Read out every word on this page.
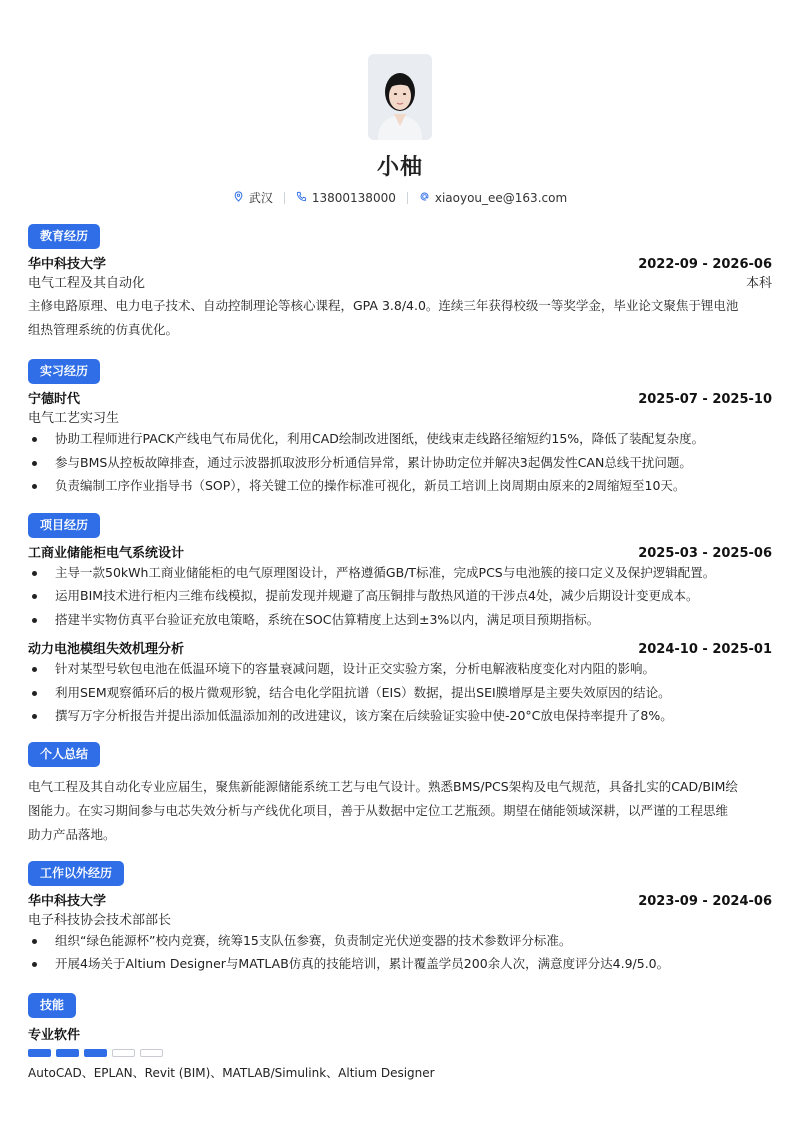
小柚
武汉	13800138000	xiaoyou_ee@163.com
教育经历
华中科技大学	2022-09 - 2026-06
电气工程及其自动化	本科
主修电路原理、电力电子技术、自动控制理论等核心课程，GPA 3.8/4.0。连续三年获得校级一等奖学金，毕业论文聚焦于锂电池
组热管理系统的仿真优化。
实习经历
宁德时代	2025-07 - 2025-10
电气工艺实习生
协助工程师进行PACK产线电气布局优化，利用CAD绘制改进图纸，使线束走线路径缩短约15%，降低了装配复杂度。
参与BMS从控板故障排查，通过示波器抓取波形分析通信异常，累计协助定位并解决3起偶发性CAN总线干扰问题。
负责编制工序作业指导书（SOP），将关键工位的操作标准可视化，新员工培训上岗周期由原来的2周缩短至10天。
项目经历
工商业储能柜电气系统设计	2025-03 - 2025-06
主导一款50kWh工商业储能柜的电气原理图设计，严格遵循GB/T标准，完成PCS与电池簇的接口定义及保护逻辑配置。
运用BIM技术进行柜内三维布线模拟，提前发现并规避了高压铜排与散热风道的干涉点4处，减少后期设计变更成本。
搭建半实物仿真平台验证充放电策略，系统在SOC估算精度上达到±3%以内，满足项目预期指标。
动力电池模组失效机理分析	2024-10 - 2025-01
针对某型号软包电池在低温环境下的容量衰减问题，设计正交实验方案，分析电解液粘度变化对内阻的影响。
利用SEM观察循环后的极片微观形貌，结合电化学阻抗谱（EIS）数据，提出SEI膜增厚是主要失效原因的结论。
撰写万字分析报告并提出添加低温添加剂的改进建议，该方案在后续验证实验中使-20°C放电保持率提升了8%。
个人总结
电气工程及其自动化专业应届生，聚焦新能源储能系统工艺与电气设计。熟悉BMS/PCS架构及电气规范，具备扎实的CAD/BIM绘
图能力。在实习期间参与电芯失效分析与产线优化项目，善于从数据中定位工艺瓶颈。期望在储能领域深耕，以严谨的工程思维
助力产品落地。
工作以外经历
华中科技大学	2023-09 - 2024-06
电子科技协会技术部部长
组织“绿色能源杯”校内竞赛，统筹15支队伍参赛，负责制定光伏逆变器的技术参数评分标准。
开展4场关于Altium Designer与MATLAB仿真的技能培训，累计覆盖学员200余人次，满意度评分达4.9/5.0。
技能
专业软件
AutoCAD、EPLAN、Revit (BIM)、MATLAB/Simulink、Altium Designer
